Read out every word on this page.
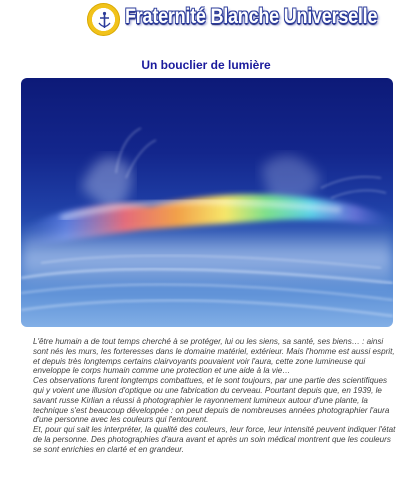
Fraternité Blanche Universelle
Un bouclier de lumière

L'être humain a de tout temps cherché à se protéger, lui ou les siens, sa santé, ses biens… : ainsi sont nés les murs, les forteresses dans le domaine matériel, extérieur. Mais l'homme est aussi esprit, et depuis très longtemps certains clairvoyants pouvaient voir l'aura, cette zone lumineuse qui enveloppe le corps humain comme une protection et une aide à la vie…

Ces observations furent longtemps combattues, et le sont toujours, par une partie des scientifiques qui y voient une illusion d'optique ou une fabrication du cerveau. Pourtant depuis que, en 1939, le savant russe Kirlian a réussi à photographier le rayonnement lumineux autour d'une plante, la technique s'est beaucoup développée : on peut depuis de nombreuses années photographier l'aura d'une personne avec les couleurs qui l'entourent.

Et, pour qui sait les interpréter, la qualité des couleurs, leur force, leur intensité peuvent indiquer l'état de la personne. Des photographies d'aura avant et après un soin médical montrent que les couleurs se sont enrichies en clarté et en grandeur.
